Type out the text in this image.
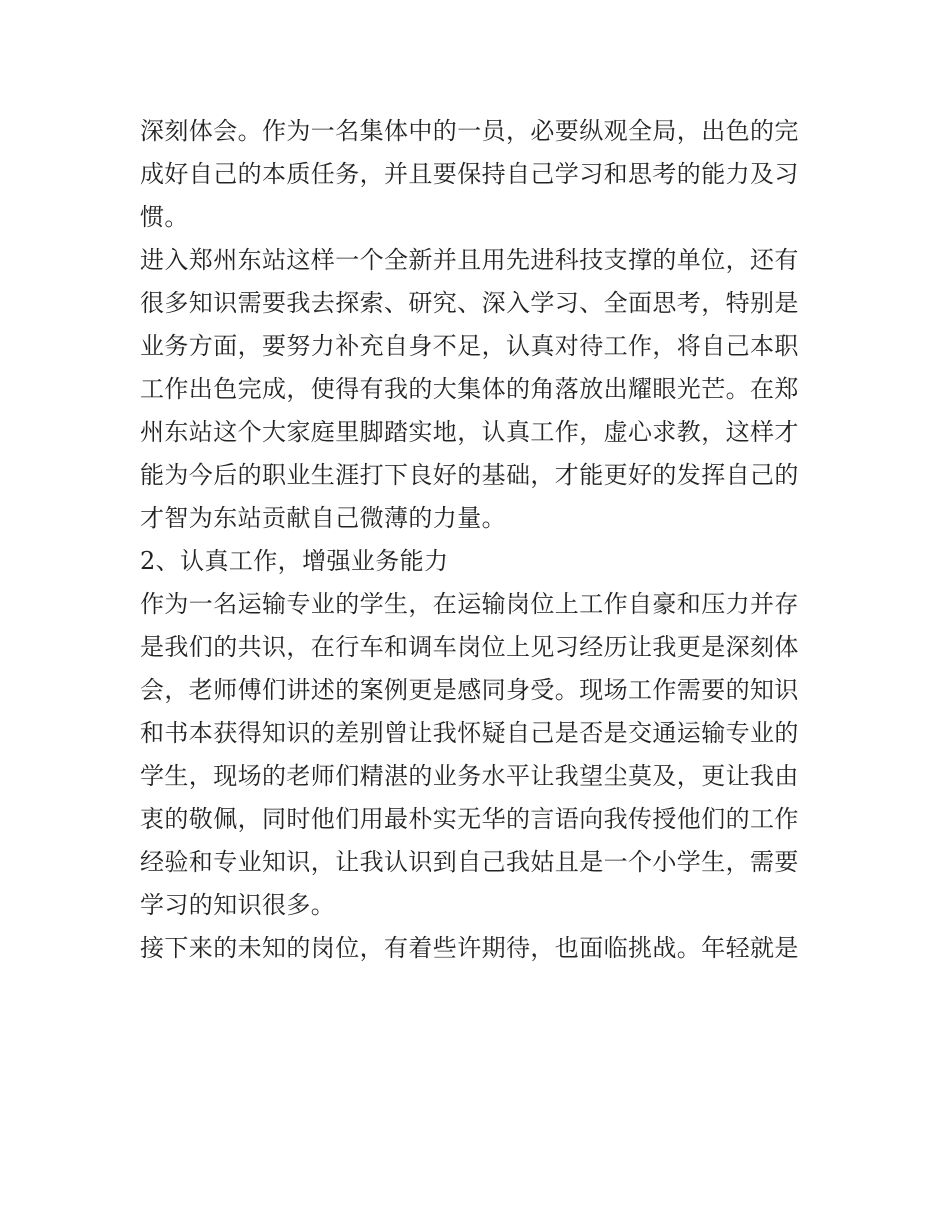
深刻体会。作为一名集体中的一员，必要纵观全局，出色的完成好自己的本质任务，并且要保持自己学习和思考的能力及习惯。

进入郑州东站这样一个全新并且用先进科技支撑的单位，还有很多知识需要我去探索、研究、深入学习、全面思考，特别是业务方面，要努力补充自身不足，认真对待工作，将自己本职工作出色完成，使得有我的大集体的角落放出耀眼光芒。在郑州东站这个大家庭里脚踏实地，认真工作，虚心求教，这样才能为今后的职业生涯打下良好的基础，才能更好的发挥自己的才智为东站贡献自己微薄的力量。

2、认真工作，增强业务能力

作为一名运输专业的学生，在运输岗位上工作自豪和压力并存是我们的共识，在行车和调车岗位上见习经历让我更是深刻体会，老师傅们讲述的案例更是感同身受。现场工作需要的知识和书本获得知识的差别曾让我怀疑自己是否是交通运输专业的学生，现场的老师们精湛的业务水平让我望尘莫及，更让我由衷的敬佩，同时他们用最朴实无华的言语向我传授他们的工作经验和专业知识，让我认识到自己我姑且是一个小学生，需要学习的知识很多。

接下来的未知的岗位，有着些许期待，也面临挑战。年轻就是
